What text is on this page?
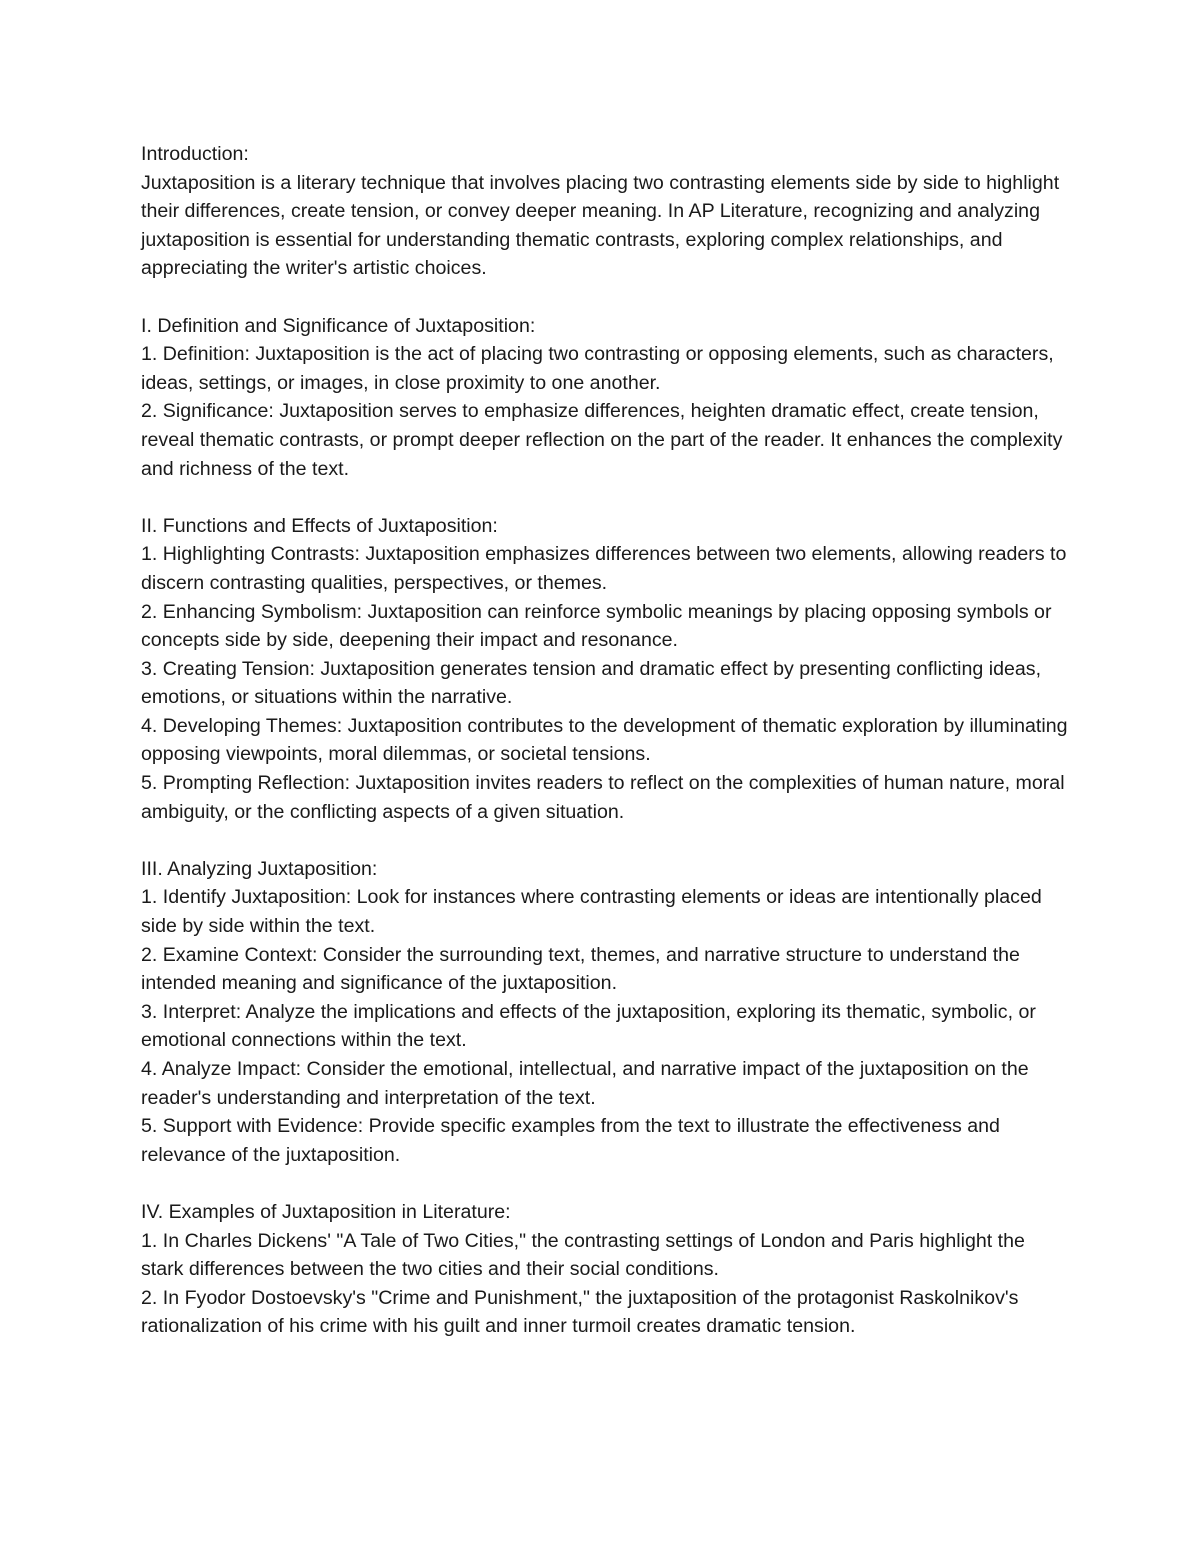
Introduction:
Juxtaposition is a literary technique that involves placing two contrasting elements side by side to highlight their differences, create tension, or convey deeper meaning. In AP Literature, recognizing and analyzing juxtaposition is essential for understanding thematic contrasts, exploring complex relationships, and appreciating the writer's artistic choices.
I. Definition and Significance of Juxtaposition:
1. Definition: Juxtaposition is the act of placing two contrasting or opposing elements, such as characters, ideas, settings, or images, in close proximity to one another.
2. Significance: Juxtaposition serves to emphasize differences, heighten dramatic effect, create tension, reveal thematic contrasts, or prompt deeper reflection on the part of the reader. It enhances the complexity and richness of the text.
II. Functions and Effects of Juxtaposition:
1. Highlighting Contrasts: Juxtaposition emphasizes differences between two elements, allowing readers to discern contrasting qualities, perspectives, or themes.
2. Enhancing Symbolism: Juxtaposition can reinforce symbolic meanings by placing opposing symbols or concepts side by side, deepening their impact and resonance.
3. Creating Tension: Juxtaposition generates tension and dramatic effect by presenting conflicting ideas, emotions, or situations within the narrative.
4. Developing Themes: Juxtaposition contributes to the development of thematic exploration by illuminating opposing viewpoints, moral dilemmas, or societal tensions.
5. Prompting Reflection: Juxtaposition invites readers to reflect on the complexities of human nature, moral ambiguity, or the conflicting aspects of a given situation.
III. Analyzing Juxtaposition:
1. Identify Juxtaposition: Look for instances where contrasting elements or ideas are intentionally placed side by side within the text.
2. Examine Context: Consider the surrounding text, themes, and narrative structure to understand the intended meaning and significance of the juxtaposition.
3. Interpret: Analyze the implications and effects of the juxtaposition, exploring its thematic, symbolic, or emotional connections within the text.
4. Analyze Impact: Consider the emotional, intellectual, and narrative impact of the juxtaposition on the reader's understanding and interpretation of the text.
5. Support with Evidence: Provide specific examples from the text to illustrate the effectiveness and relevance of the juxtaposition.
IV. Examples of Juxtaposition in Literature:
1. In Charles Dickens' "A Tale of Two Cities," the contrasting settings of London and Paris highlight the stark differences between the two cities and their social conditions.
2. In Fyodor Dostoevsky's "Crime and Punishment," the juxtaposition of the protagonist Raskolnikov's rationalization of his crime with his guilt and inner turmoil creates dramatic tension.
